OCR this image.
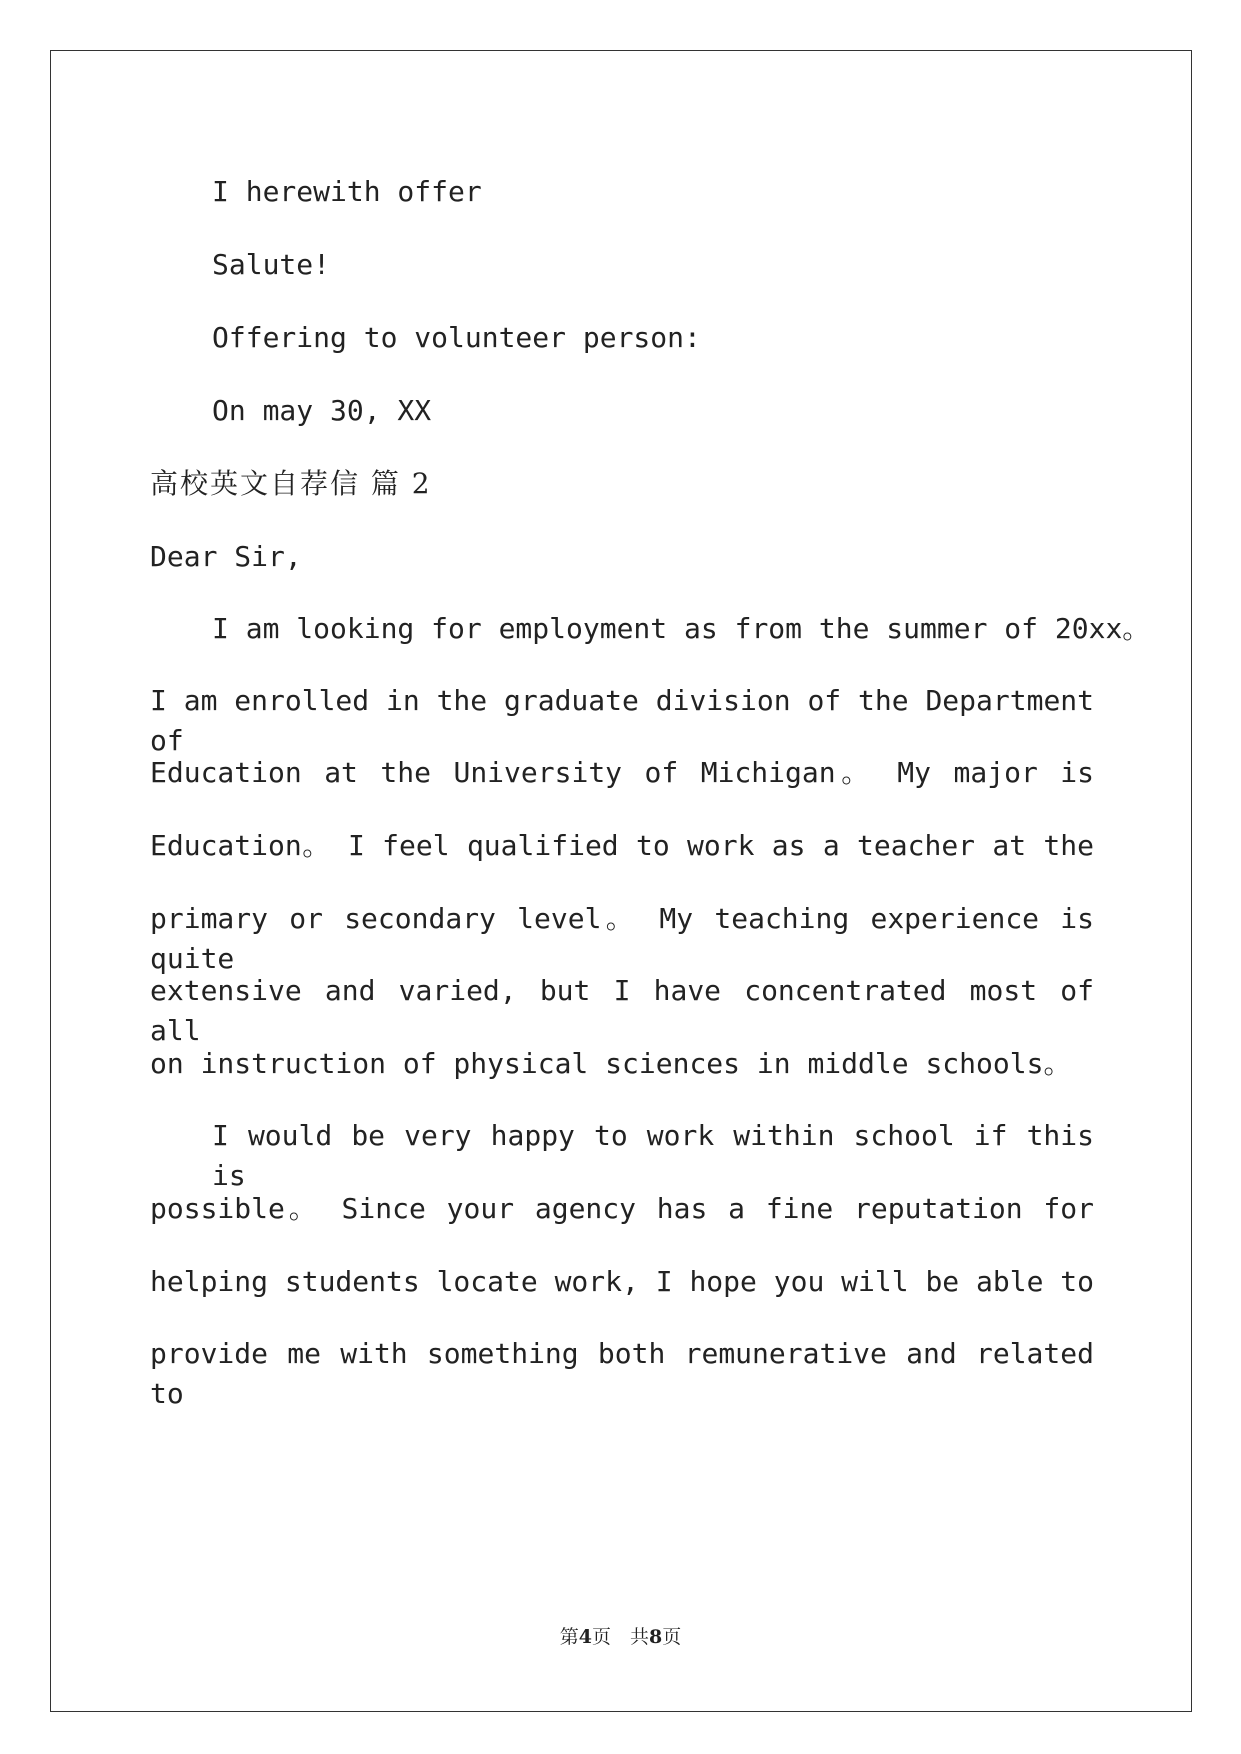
I herewith offer
Salute!
Offering to volunteer person:
On may 30, XX
高校英文自荐信 篇 2
Dear Sir,
I am looking for employment as from the summer of 20xx。
I am enrolled in the graduate division of the Department of
Education at the University of Michigan。 My major is
Education。 I feel qualified to work as a teacher at the
primary or secondary level。 My teaching experience is quite
extensive and varied, but I have concentrated most of all
on instruction of physical sciences in middle schools。
I would be very happy to work within school if this is
possible。 Since your agency has a fine reputation for
helping students locate work, I hope you will be able to
provide me with something both remunerative and related to
第4页　共8页
